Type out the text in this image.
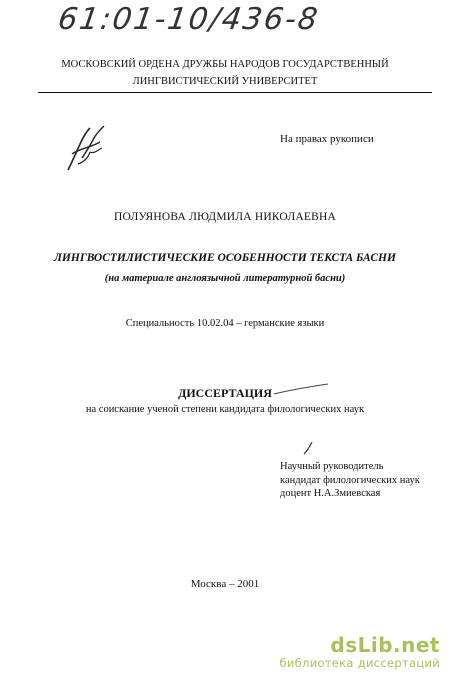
61:01-10/436-8
МОСКОВСКИЙ ОРДЕНА ДРУЖБЫ НАРОДОВ ГОСУДАРСТВЕННЫЙ
ЛИНГВИСТИЧЕСКИЙ УНИВЕРСИТЕТ
На правах рукописи
ПОЛУЯНОВА ЛЮДМИЛА НИКОЛАЕВНА
ЛИНГВОСТИЛИСТИЧЕСКИЕ ОСОБЕННОСТИ ТЕКСТА БАСНИ
(на материале англоязычной литературной басни)
Специальность 10.02.04 – германские языки
ДИССЕРТАЦИЯ
на соискание ученой степени кандидата филологических наук
Научный руководитель
кандидат филологических наук
доцент Н.А.Змиевская
Москва – 2001
dsLib.net
библиотека диссертаций
